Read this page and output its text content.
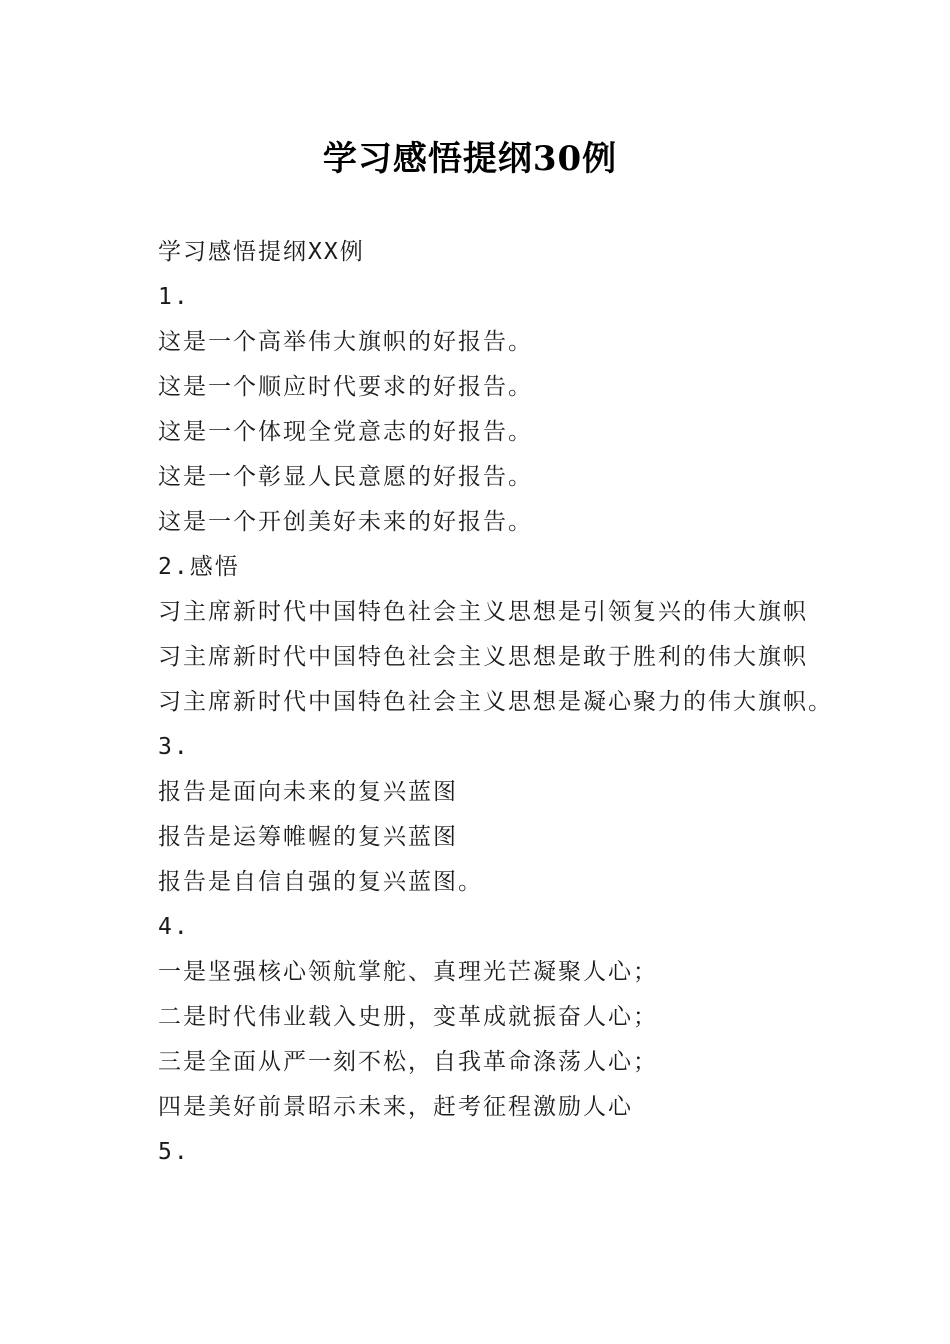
学习感悟提纲30例
学习感悟提纲XX例
1.
这是一个高举伟大旗帜的好报告。
这是一个顺应时代要求的好报告。
这是一个体现全党意志的好报告。
这是一个彰显人民意愿的好报告。
这是一个开创美好未来的好报告。
2.感悟
习主席新时代中国特色社会主义思想是引领复兴的伟大旗帜
习主席新时代中国特色社会主义思想是敢于胜利的伟大旗帜
习主席新时代中国特色社会主义思想是凝心聚力的伟大旗帜。
3.
报告是面向未来的复兴蓝图
报告是运筹帷幄的复兴蓝图
报告是自信自强的复兴蓝图。
4.
一是坚强核心领航掌舵、真理光芒凝聚人心；
二是时代伟业载入史册，变革成就振奋人心；
三是全面从严一刻不松，自我革命涤荡人心；
四是美好前景昭示未来，赶考征程激励人心
5.
